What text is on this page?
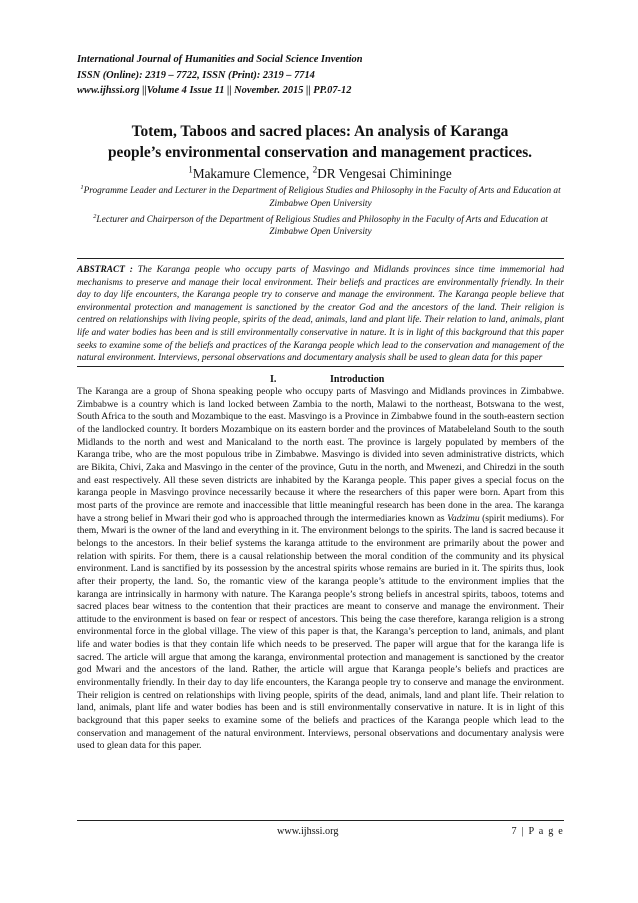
International Journal of Humanities and Social Science Invention
ISSN (Online): 2319 – 7722, ISSN (Print): 2319 – 7714
www.ijhssi.org ||Volume 4 Issue 11 || November. 2015 || PP.07-12
Totem, Taboos and sacred places: An analysis of Karanga
people’s environmental conservation and management practices.
$^1$Makamure Clemence, $^2$DR Vengesai Chimininge

$^1$Programme Leader and Lecturer in the Department of Religious Studies and Philosophy in the Faculty of Arts and Education at Zimbabwe Open University

$^2$Lecturer and Chairperson of the Department of Religious Studies and Philosophy in the Faculty of Arts and Education at Zimbabwe Open University

ABSTRACT : The Karanga people who occupy parts of Masvingo and Midlands provinces since time immemorial had mechanisms to preserve and manage their local environment. Their beliefs and practices are environmentally friendly. In their day to day life encounters, the Karanga people try to conserve and manage the environment. The Karanga people believe that environmental protection and management is sanctioned by the creator God and the ancestors of the land. Their religion is centred on relationships with living people, spirits of the dead, animals, land and plant life. Their relation to land, animals, plant life and water bodies has been and is still environmentally conservative in nature. It is in light of this background that this paper seeks to examine some of the beliefs and practices of the Karanga people which lead to the conservation and management of the natural environment. Interviews, personal observations and documentary analysis shall be used to glean data for this paper
I.	Introduction
The Karanga are a group of Shona speaking people who occupy parts of Masvingo and Midlands provinces in Zimbabwe. Zimbabwe is a country which is land locked between Zambia to the north, Malawi to the northeast, Botswana to the west, South Africa to the south and Mozambique to the east. Masvingo is a Province in Zimbabwe found in the south-eastern section of the landlocked country. It borders Mozambique on its eastern border and the provinces of Matabeleland South to the south Midlands to the north and west and Manicaland to the north east. The province is largely populated by members of the Karanga tribe, who are the most populous tribe in Zimbabwe. Masvingo is divided into seven administrative districts, which are Bikita, Chivi, Zaka and Masvingo in the center of the province, Gutu in the north, and Mwenezi, and Chiredzi in the south and east respectively. All these seven districts are inhabited by the Karanga people. This paper gives a special focus on the karanga people in Masvingo province necessarily because it where the researchers of this paper were born. Apart from this most parts of the province are remote and inaccessible that little meaningful research has been done in the area. The karanga have a strong belief in Mwari their god who is approached through the intermediaries known as Vadzimu (spirit mediums). For them, Mwari is the owner of the land and everything in it. The environment belongs to the spirits. The land is sacred because it belongs to the ancestors. In their belief systems the karanga attitude to the environment are primarily about the power and relation with spirits. For them, there is a causal relationship between the moral condition of the community and its physical environment. Land is sanctified by its possession by the ancestral spirits whose remains are buried in it. The spirits thus, look after their property, the land. So, the romantic view of the karanga people’s attitude to the environment implies that the karanga are intrinsically in harmony with nature. The Karanga people’s strong beliefs in ancestral spirits, taboos, totems and sacred places bear witness to the contention that their practices are meant to conserve and manage the environment. Their attitude to the environment is based on fear or respect of ancestors. This being the case therefore, karanga religion is a strong environmental force in the global village. The view of this paper is that, the Karanga’s perception to land, animals, and plant life and water bodies is that they contain life which needs to be preserved. The paper will argue that for the karanga life is sacred. The article will argue that among the karanga, environmental protection and management is sanctioned by the creator god Mwari and the ancestors of the land. Rather, the article will argue that Karanga people’s beliefs and practices are environmentally friendly. In their day to day life encounters, the Karanga people try to conserve and manage the environment. Their religion is centred on relationships with living people, spirits of the dead, animals, land and plant life. Their relation to land, animals, plant life and water bodies has been and is still environmentally conservative in nature. It is in light of this background that this paper seeks to examine some of the beliefs and practices of the Karanga people which lead to the conservation and management of the natural environment. Interviews, personal observations and documentary analysis were used to glean data for this paper.
www.ijhssi.org	7 | P a g e
